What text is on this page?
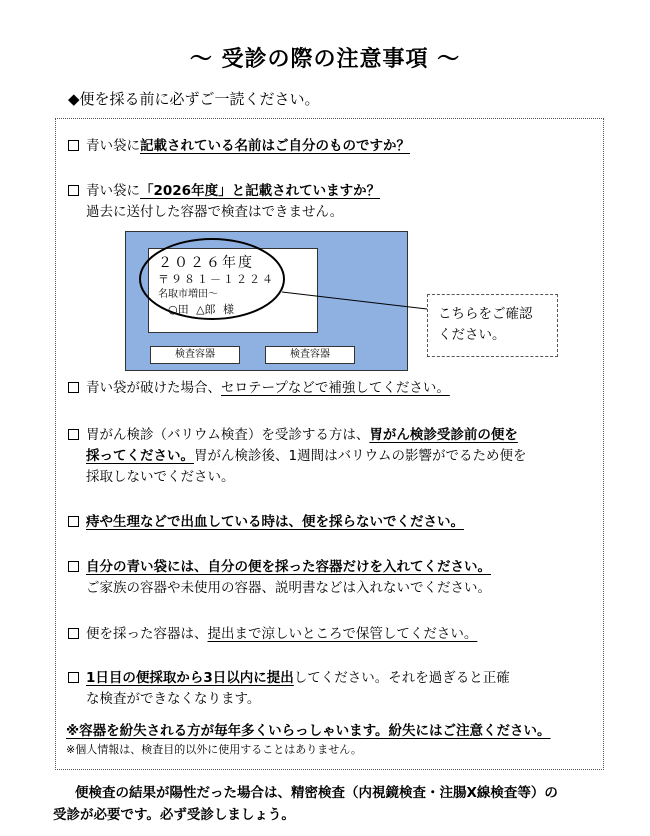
～ 受診の際の注意事項 ～
◆便を採る前に必ずご一読ください。
青い袋に記載されている名前はご自分のものですか？
青い袋に「2026年度」と記載されていますか？
過去に送付した容器で検査はできません。
２０２６年度
〒９８１－１２２４
名取市増田～
○田 △郎 様
検査容器	検査容器
こちらをご確認
ください。
青い袋が破けた場合、セロテープなどで補強してください。
胃がん検診（バリウム検査）を受診する方は、胃がん検診受診前の便を
採ってください。胃がん検診後、1週間はバリウムの影響がでるため便を
採取しないでください。
痔や生理などで出血している時は、便を採らないでください。
自分の青い袋には、自分の便を採った容器だけを入れてください。
ご家族の容器や未使用の容器、説明書などは入れないでください。
便を採った容器は、提出まで涼しいところで保管してください。
1日目の便採取から3日以内に提出してください。それを過ぎると正確
な検査ができなくなります。
※容器を紛失される方が毎年多くいらっしゃいます。紛失にはご注意ください。
※個人情報は、検査目的以外に使用することはありません。
便検査の結果が陽性だった場合は、精密検査（内視鏡検査・注腸X線検査等）の
受診が必要です。必ず受診しましょう。
